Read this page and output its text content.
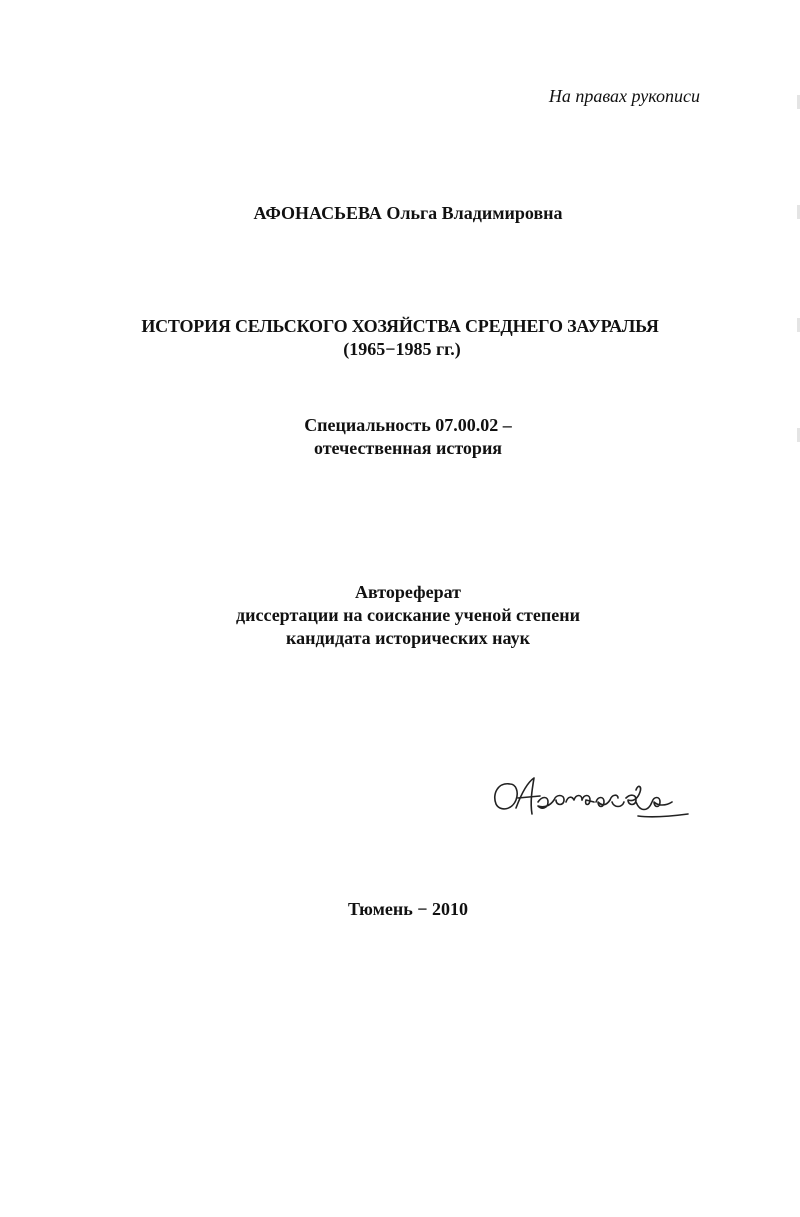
На правах рукописи
АФОНАСЬЕВА Ольга Владимировна
ИСТОРИЯ СЕЛЬСКОГО ХОЗЯЙСТВА СРЕДНЕГО ЗАУРАЛЬЯ
(1965−1985 гг.)
Специальность 07.00.02 –
отечественная история
Автореферат
диссертации на соискание ученой степени
кандидата исторических наук
Тюмень − 2010
